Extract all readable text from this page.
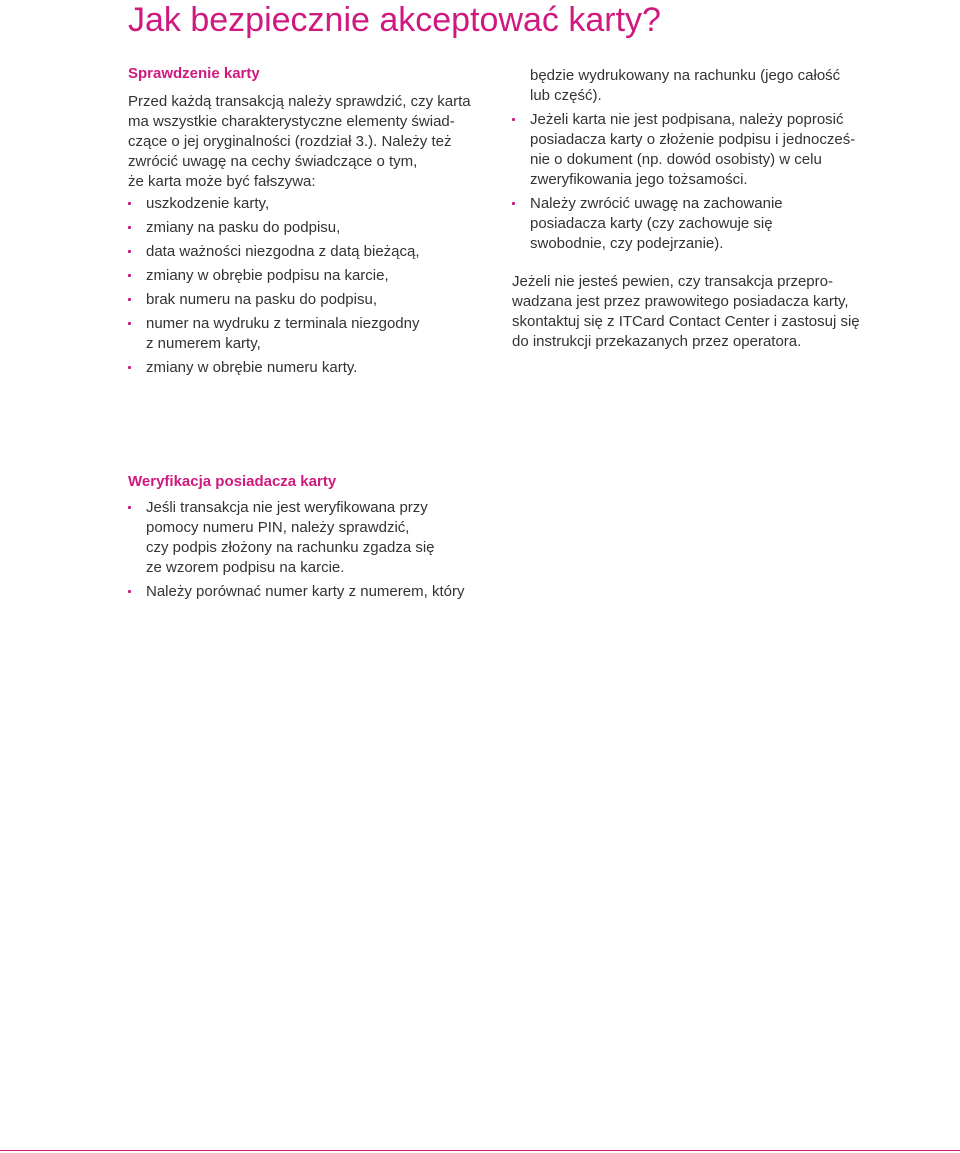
Jak bezpiecznie akceptować karty?
Sprawdzenie karty

Przed każdą transakcją należy sprawdzić, czy karta
ma wszystkie charakterystyczne elementy świad-
czące o jej oryginalności (rozdział 3.). Należy też
zwrócić uwagę na cechy świadczące o tym,
że karta może być fałszywa:

uszkodzenie karty,
zmiany na pasku do podpisu,
data ważności niezgodna z datą bieżącą,
zmiany w obrębie podpisu na karcie,
brak numeru na pasku do podpisu,
numer na wydruku z terminala niezgodny
z numerem karty,
zmiany w obrębie numeru karty.

będzie wydrukowany na rachunku (jego całość
lub część).

Jeżeli karta nie jest podpisana, należy poprosić
posiadacza karty o złożenie podpisu i jednocześ-
nie o dokument (np. dowód osobisty) w celu
zweryfikowania jego tożsamości.
Należy zwrócić uwagę na zachowanie
posiadacza karty (czy zachowuje się
swobodnie, czy podejrzanie).

Jeżeli nie jesteś pewien, czy transakcja przepro-
wadzana jest przez prawowitego posiadacza karty,
skontaktuj się z ITCard Contact Center i zastosuj się
do instrukcji przekazanych przez operatora.

Weryfikacja posiadacza karty
Jeśli transakcja nie jest weryfikowana przy
pomocy numeru PIN, należy sprawdzić,
czy podpis złożony na rachunku zgadza się
ze wzorem podpisu na karcie.
Należy porównać numer karty z numerem, który
